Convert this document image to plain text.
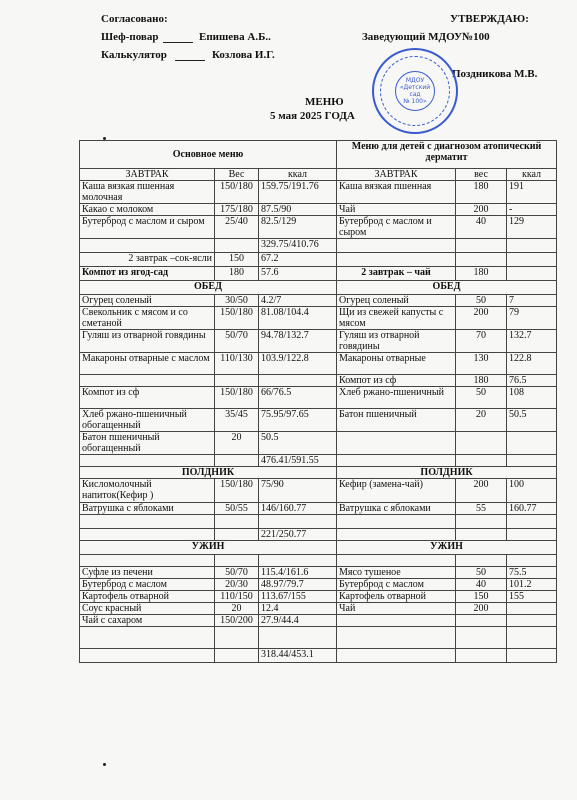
Согласовано:	УТВЕРЖДАЮ:
Шеф-повар	Епишева А.Б..	Заведующий МДОУ№100
Калькулятор	Козлова И.Г.
Поздникова М.В.
МДОУ
«Детский сад
№ 100»
МЕНЮ
5 мая 2025 ГОДА
Основное меню			Меню для детей с диагнозом атопический дерматит		
ЗАВТРАК	Вес	ккал	ЗАВТРАК	вес	ккал
Каша вязкая пшенная молочная	150/180	159.75/191.76	Каша вязкая пшенная	180	191
Какао с молоком	175/180	87.5/90	Чай	200	-
Бутерброд с маслом и сыром	25/40	82.5/129	Бутерброд с маслом и сыром	40	129
		329.75/410.76			
2 завтрак –сок-ясли	150	67.2			
Компот из ягод-сад	180	57.6	2 завтрак – чай	180	
ОБЕД			ОБЕД		
Огурец соленый	30/50	4.2/7	Огурец соленый	50	7
Свекольник с мясом и со сметаной	150/180	81.08/104.4	Щи из свежей капусты с мясом	200	79
Гуляш из отварной говядины	50/70	94.78/132.7	Гуляш из отварной говядины	70	132.7
Макароны отварные с маслом	110/130	103.9/122.8	Макароны отварные	130	122.8
			Компот из сф	180	76.5
Компот из сф	150/180	66/76.5	Хлеб ржано-пшеничный	50	108
Хлеб ржано-пшеничный обогащенный	35/45	75.95/97.65	Батон пшеничный	20	50.5
Батон пшеничный обогащенный	20	50.5			
		476.41/591.55			
ПОЛДНИК			ПОЛДНИК		
Кисломолочный напиток(Кефир )	150/180	75/90	Кефир (замена-чай)	200	100
Ватрушка с яблоками	50/55	146/160.77	Ватрушка с яблоками	55	160.77

		221/250.77			
УЖИН			УЖИН		

Суфле из печени	50/70	115.4/161.6	Мясо тушеное	50	75.5
Бутерброд с маслом	20/30	48.97/79.7	Бутерброд с маслом	40	101.2
Картофель отварной	110/150	113.67/155	Картофель отварной	150	155
Соус красный	20	12.4	Чай	200	
Чай с сахаром	150/200	27.9/44.4			

		318.44/453.1			
